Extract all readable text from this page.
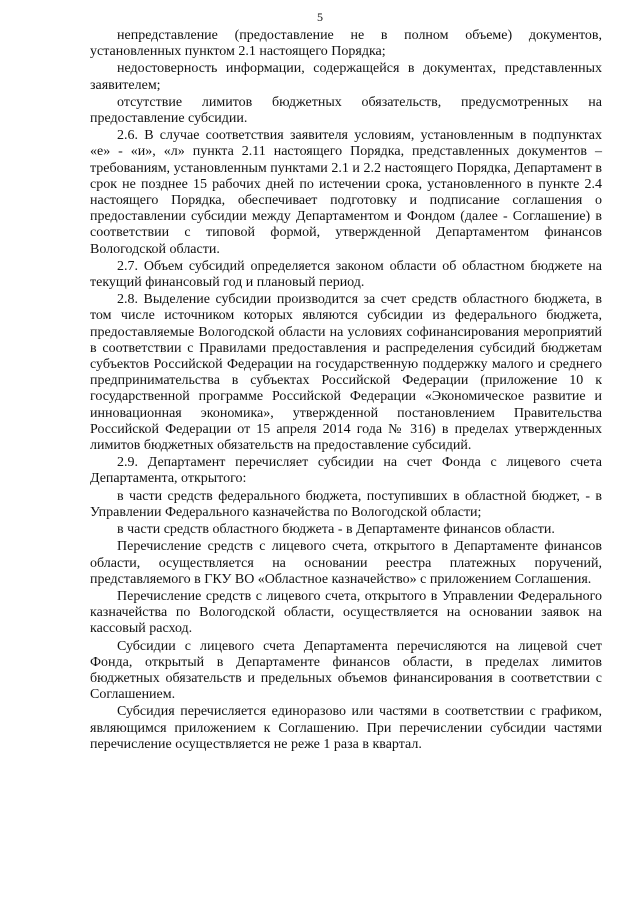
5

непредставление (предоставление не в полном объеме) документов, установленных пунктом 2.1 настоящего Порядка;

недостоверность информации, содержащейся в документах, представленных заявителем;

отсутствие лимитов бюджетных обязательств, предусмотренных на предоставление субсидии.

2.6. В случае соответствия заявителя условиям, установленным в подпунктах «е» - «и», «л» пункта 2.11 настоящего Порядка, представленных документов – требованиям, установленным пунктами 2.1 и 2.2 настоящего Порядка, Департамент в срок не позднее 15 рабочих дней по истечении срока, установленного в пункте 2.4 настоящего Порядка, обеспечивает подготовку и подписание соглашения о предоставлении субсидии между Департаментом и Фондом (далее - Соглашение) в соответствии с типовой формой, утвержденной Департаментом финансов Вологодской области.

2.7. Объем субсидий определяется законом области об областном бюджете на текущий финансовый год и плановый период.

2.8. Выделение субсидии производится за счет средств областного бюджета, в том числе источником которых являются субсидии из федерального бюджета, предоставляемые Вологодской области на условиях софинансирования мероприятий в соответствии с Правилами предоставления и распределения субсидий бюджетам субъектов Российской Федерации на государственную поддержку малого и среднего предпринимательства в субъектах Российской Федерации (приложение 10 к государственной программе Российской Федерации «Экономическое развитие и инновационная экономика», утвержденной постановлением Правительства Российской Федерации от 15 апреля 2014 года № 316) в пределах утвержденных лимитов бюджетных обязательств на предоставление субсидий.

2.9. Департамент перечисляет субсидии на счет Фонда с лицевого счета Департамента, открытого:

в части средств федерального бюджета, поступивших в областной бюджет, - в Управлении Федерального казначейства по Вологодской области;

в части средств областного бюджета - в Департаменте финансов области.

Перечисление средств с лицевого счета, открытого в Департаменте финансов области, осуществляется на основании реестра платежных поручений, представляемого в ГКУ ВО «Областное казначейство» с приложением Соглашения.

Перечисление средств с лицевого счета, открытого в Управлении Федерального казначейства по Вологодской области, осуществляется на основании заявок на кассовый расход.

Субсидии с лицевого счета Департамента перечисляются на лицевой счет Фонда, открытый в Департаменте финансов области, в пределах лимитов бюджетных обязательств и предельных объемов финансирования в соответствии с Соглашением.

Субсидия перечисляется единоразово или частями в соответствии с графиком, являющимся приложением к Соглашению. При перечислении субсидии частями перечисление осуществляется не реже 1 раза в квартал.
